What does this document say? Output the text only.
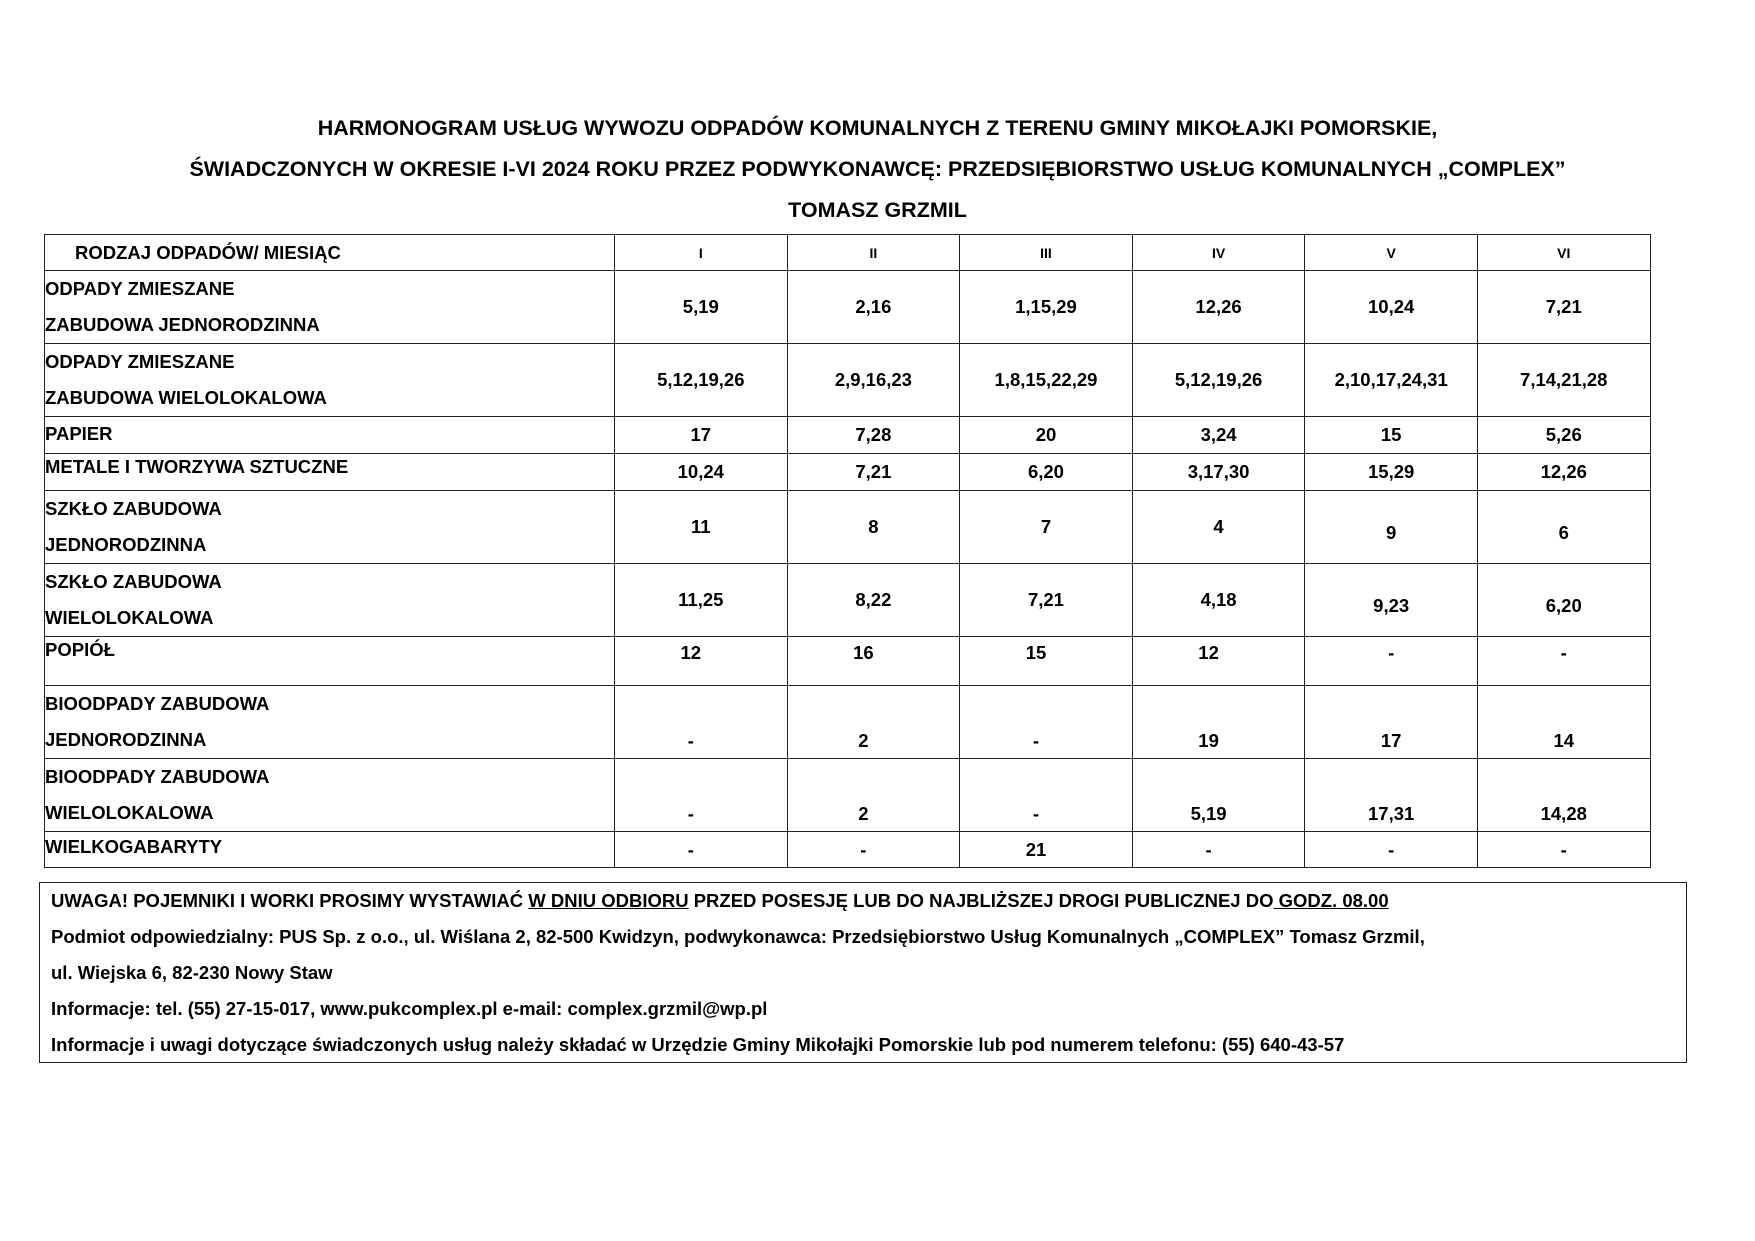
HARMONOGRAM USŁUG WYWOZU ODPADÓW KOMUNALNYCH Z TERENU GMINY MIKOŁAJKI POMORSKIE,
ŚWIADCZONYCH W OKRESIE I-VI 2024 ROKU PRZEZ PODWYKONAWCĘ: PRZEDSIĘBIORSTWO USŁUG KOMUNALNYCH „COMPLEX”
TOMASZ GRZMIL
RODZAJ ODPADÓW/ MIESIĄC	I	II	III	IV	V	VI

ODPADY ZMIESZANE
ZABUDOWA JEDNORODZINNA	5,19	2,16	1,15,29	12,26	10,24	7,21

ODPADY ZMIESZANE
ZABUDOWA WIELOLOKALOWA	5,12,19,26	2,9,16,23	1,8,15,22,29	5,12,19,26	2,10,17,24,31	7,14,21,28

PAPIER	17	7,28	20	3,24	15	5,26

METALE I TWORZYWA SZTUCZNE	10,24	7,21	6,20	3,17,30	15,29	12,26

SZKŁO ZABUDOWA
JEDNORODZINNA	11	8	7	4	9	6

SZKŁO ZABUDOWA
WIELOLOKALOWA	11,25	8,22	7,21	4,18	9,23	6,20

POPIÓŁ	12	16	15	12	-	-

BIOODPADY ZABUDOWA
JEDNORODZINNA	-	2	-	19	17	14

BIOODPADY ZABUDOWA
WIELOLOKALOWA	-	2	-	5,19	17,31	14,28

WIELKOGABARYTY	-	-	21	-	-	-
UWAGA! POJEMNIKI I WORKI PROSIMY WYSTAWIAĆ W DNIU ODBIORU PRZED POSESJĘ LUB DO NAJBLIŻSZEJ DROGI PUBLICZNEJ DO GODZ. 08.00
Podmiot odpowiedzialny: PUS Sp. z o.o., ul. Wiślana 2, 82-500 Kwidzyn, podwykonawca: Przedsiębiorstwo Usług Komunalnych „COMPLEX” Tomasz Grzmil,
ul. Wiejska 6, 82-230 Nowy Staw
Informacje: tel. (55) 27-15-017, www.pukcomplex.pl e-mail: complex.grzmil@wp.pl
Informacje i uwagi dotyczące świadczonych usług należy składać w Urzędzie Gminy Mikołajki Pomorskie lub pod numerem telefonu: (55) 640-43-57
